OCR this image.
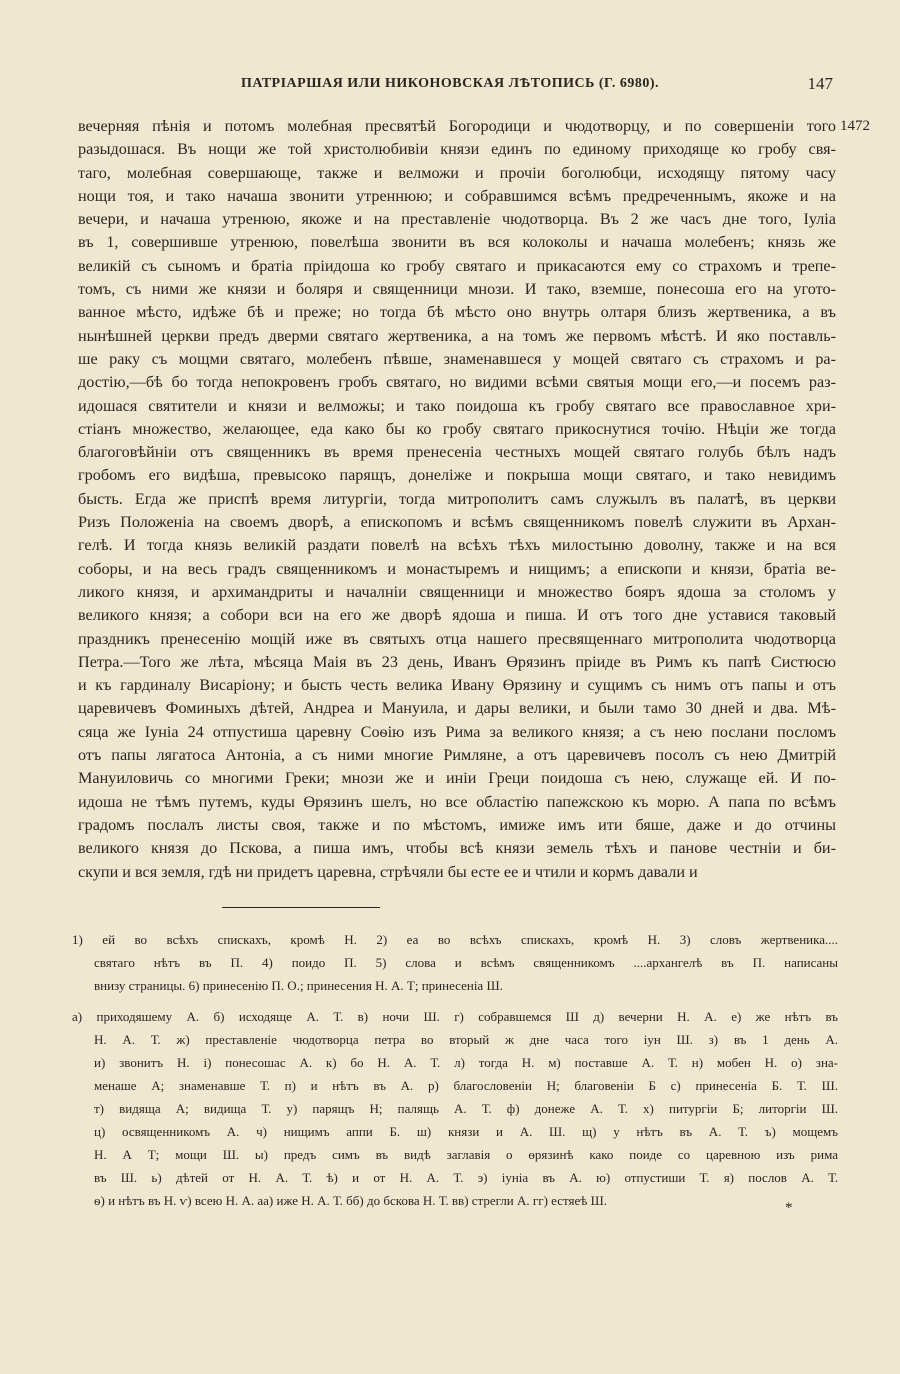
ПАТРІАРШАЯ ИЛИ НИКОНОВСКАЯ ЛѢТОПИСЬ (Г. 6980).	147
1472
вечерняя пѣнія и потомъ молебная пресвятѣй Богородици и чюдотворцу, и по совершеніи того
разыдошася. Въ нощи же той христолюбивіи князи единъ по единому приходяще ко гробу свя-
таго, молебная совершающе, также и велможи и прочіи боголюбци, исходящу пятому часу
нощи тоя, и тако начаша звонити утреннюю; и собравшимся всѣмъ предреченнымъ, якоже и на
вечери, и начаша утренюю, якоже и на преставленіе чюдотворца. Въ 2 же часъ дне того, Іуліа
въ 1, совершивше утренюю, повелѣша звонити въ вся колоколы и начаша молебенъ; князь же
великій съ сыномъ и братіа пріидоша ко гробу святаго и прикасаются ему со страхомъ и трепе-
томъ, съ ними же князи и боляря и священници мнози. И тако, вземше, понесоша его на угото-
ванное мѣсто, идѣже бѣ и прежe; но тогда бѣ мѣсто оно внутрь олтаря близъ жертвеника, а въ
нынѣшней церкви предъ дверми святаго жертвеника, а на томъ же первомъ мѣстѣ. И яко поставль-
ше раку съ мощми святаго, молебенъ пѣвше, знаменавшеся у мощей святаго съ страхомъ и ра-
достію,—бѣ бо тогда непокровенъ гробъ святаго, но видими всѣми святыя мощи его,—и посемъ раз-
идошася святители и князи и велможы; и тако поидоша къ гробу святаго все православное хри-
стіанъ множество, желающее, еда како бы ко гробу святаго прикоснутися точію. Нѣціи же тогда
благоговѣйніи отъ священникъ въ время пренесеніа честныхъ мощей святаго голубь бѣлъ надъ
гробомъ его видѣша, превысоко парящъ, донеліже и покрыша мощи святаго, и тако невидимъ
бысть. Егда же приспѣ время литургіи, тогда митрополитъ самъ служылъ въ палатѣ, въ церкви
Ризъ Положеніа на своемъ дворѣ, а епископомъ и всѣмъ священникомъ повелѣ служити въ Архан-
гелѣ. И тогда князь великій раздати повелѣ на всѣхъ тѣхъ милостыню доволну, также и на вся
соборы, и на весь градъ священникомъ и монастыремъ и нищимъ; а епископи и князи, братіа ве-
ликого князя, и архимандриты и началніи священници и множество бояръ ядоша за столомъ у
великого князя; а собори вси на его же дворѣ ядоша и пиша. И отъ того дне уставися таковый
праздникъ пренесенію мощій иже въ святыхъ отца нашего пресвященнаго митрополита чюдотворца
Петра.—Того же лѣта, мѣсяца Маія въ 23 день, Иванъ Өрязинъ пріиде въ Римъ къ папѣ Систюсю
и къ гардиналу Висаріону; и бысть честь велика Ивану Өрязину и сущимъ съ нимъ отъ папы и отъ
царевичевъ Фоминыхъ дѣтей, Андреа и Мануила, и дары велики, и были тамо 30 дней и два. Мѣ-
сяца же Іуніа 24 отпустиша царевну Соѳію изъ Рима за великого князя; а съ нею послани посломъ
отъ папы лягатоса Антоніа, а съ ними многие Римляне, а отъ царевичевъ посолъ съ нею Дмитрій
Мануиловичь со многими Греки; мнози же и иніи Греци поидоша съ нею, служаще ей. И по-
идоша не тѣмъ путемъ, куды Өрязинъ шелъ, но все областію папежскою къ морю. А папа по всѣмъ
градомъ послалъ листы своя, также и по мѣстомъ, имиже имъ ити бяше, даже и до отчины
великого князя до Пскова, а пиша имъ, чтобы всѣ князи земель тѣхъ и панове честніи и би-
скупи и вся земля, гдѣ ни придетъ царевна, стрѣчяли бы есте ее и чтили и кормъ давали и
1) ей во всѣхъ спискахъ, кромѣ Н. 2) еа во всѣхъ спискахъ, кромѣ Н. 3) словъ жертвеника....
святаго нѣтъ въ П. 4) поидо П. 5) слова и всѣмъ священникомъ ....архангелѣ въ П. написаны
внизу страницы. 6) принесенію П. О.; принесения Н. А. Т; принесеніа Ш.
а) приходяшему А. б) исходяще А. Т. в) ночи Ш. г) собравшемся Ш д) вечерни Н. А. е) же нѣтъ въ
Н. А. Т. ж) преставленіе чюдотворца петра во вторый ж дне часа того іун Ш. з) въ 1 день А.
и) звонитъ Н. і) понесошас А. к) бо Н. А. Т. л) тогда Н. м) поставше А. Т. н) мобен Н. о) зна-
менаше А; знаменавше Т. п) и нѣтъ въ А. р) благословеніи Н; благовеніи Б с) принесеніа Б. Т. Ш.
т) видяща А; видища Т. у) парящъ Н; палящь А. Т. ф) донеже А. Т. х) питургіи Б; литоргіи Ш.
ц) освященникомъ А. ч) нищимъ аппи Б. ш) князи и А. Ш. щ) у нѣтъ въ А. Т. ъ) мощемъ
Н. А Т; мощи Ш. ы) предъ симъ въ видѣ заглавія о өрязинѣ како поиде со царевною изъ рима
въ Ш. ь) дѣтей от Н. А. Т. ѣ) и от Н. А. Т. э) іуніа въ А. ю) отпустиши Т. я) послов А. Т.
ѳ) и нѣтъ въ Н. ѵ) всею Н. А. аа) иже Н. А. Т. бб) до бскова Н. Т. вв) стрегли А. гг) естяеѣ Ш.	*
